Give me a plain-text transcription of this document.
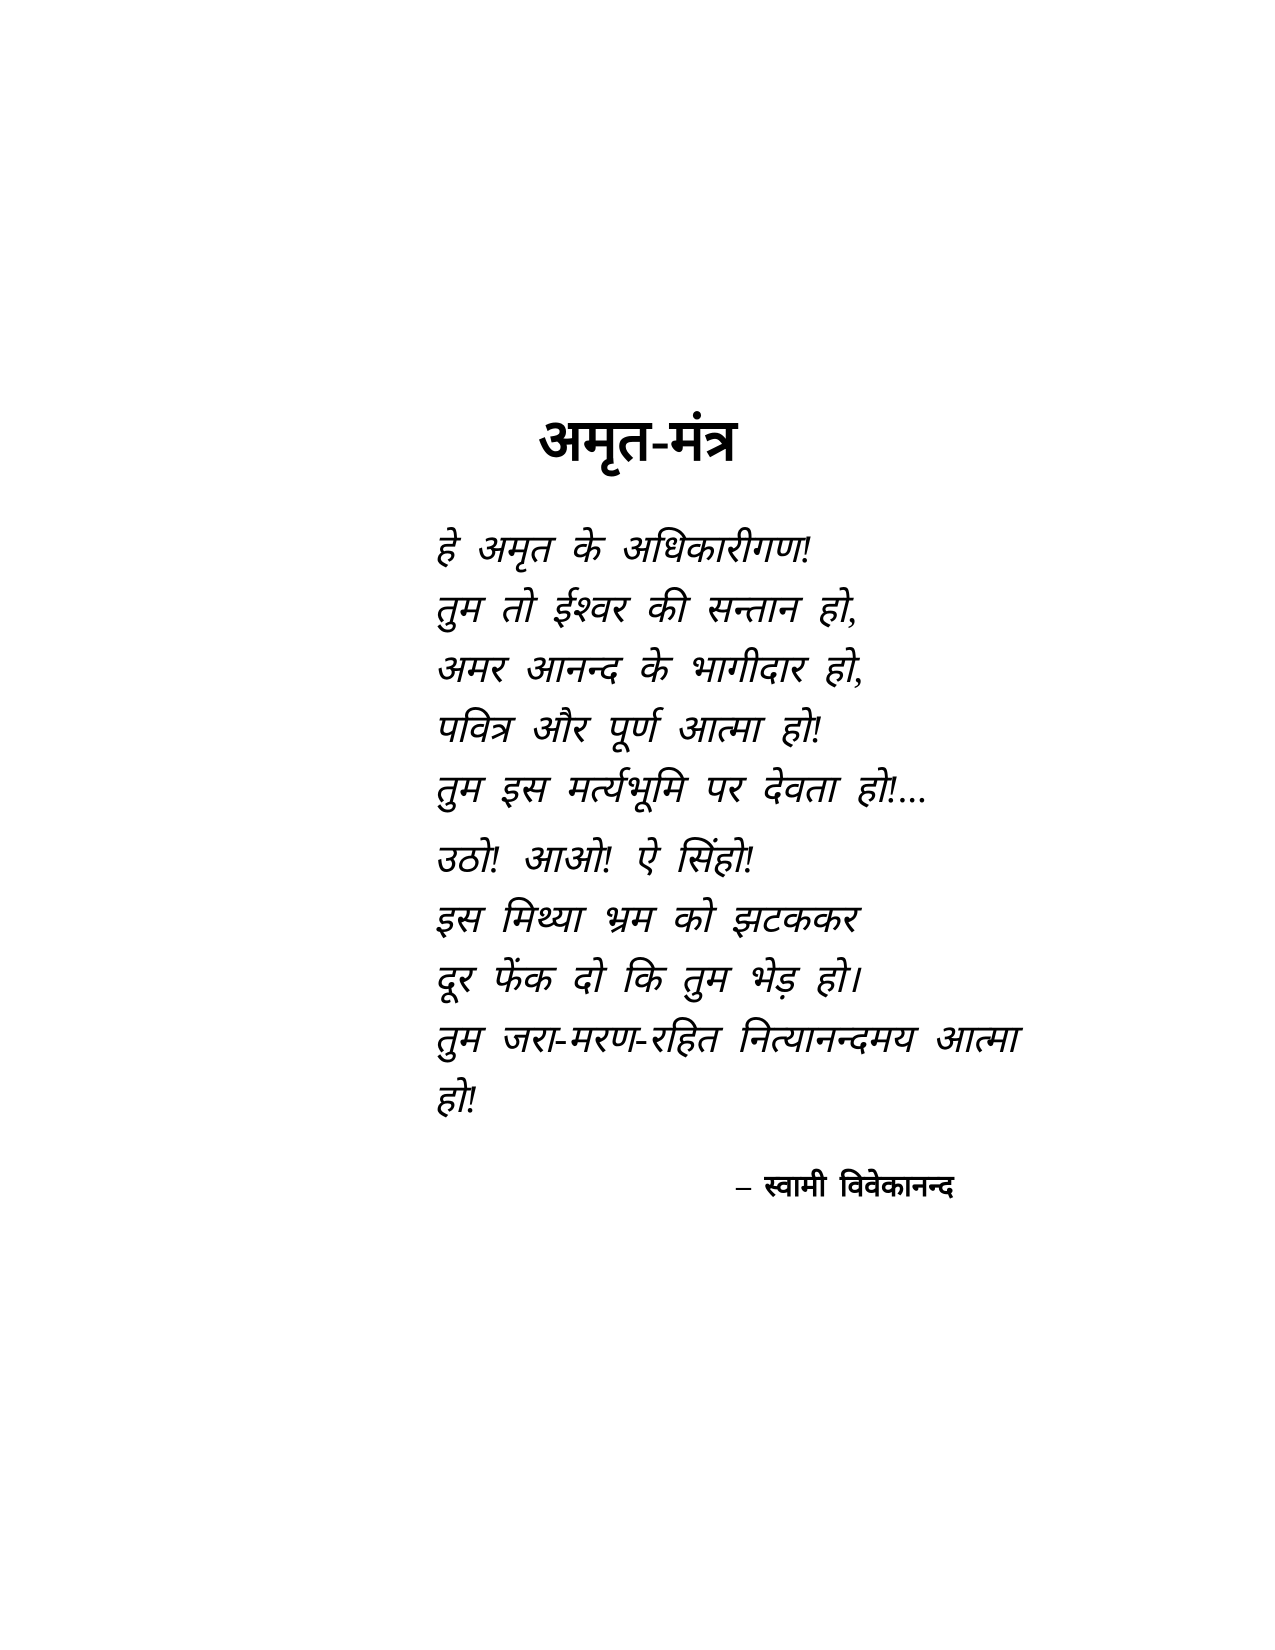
अमृत-मंत्र

हे अमृत के अधिकारीगण!

तुम तो ईश्वर की सन्तान हो,

अमर आनन्द के भागीदार हो,

पवित्र और पूर्ण आत्मा हो!

तुम इस मर्त्यभूमि पर देवता हो!...

उठो! आओ! ऐ सिंहो!

इस मिथ्या भ्रम को झटककर

दूर फेंक दो कि तुम भेड़ हो।

तुम जरा-मरण-रहित नित्यानन्दमय आत्मा

हो!

– स्वामी विवेकानन्द
